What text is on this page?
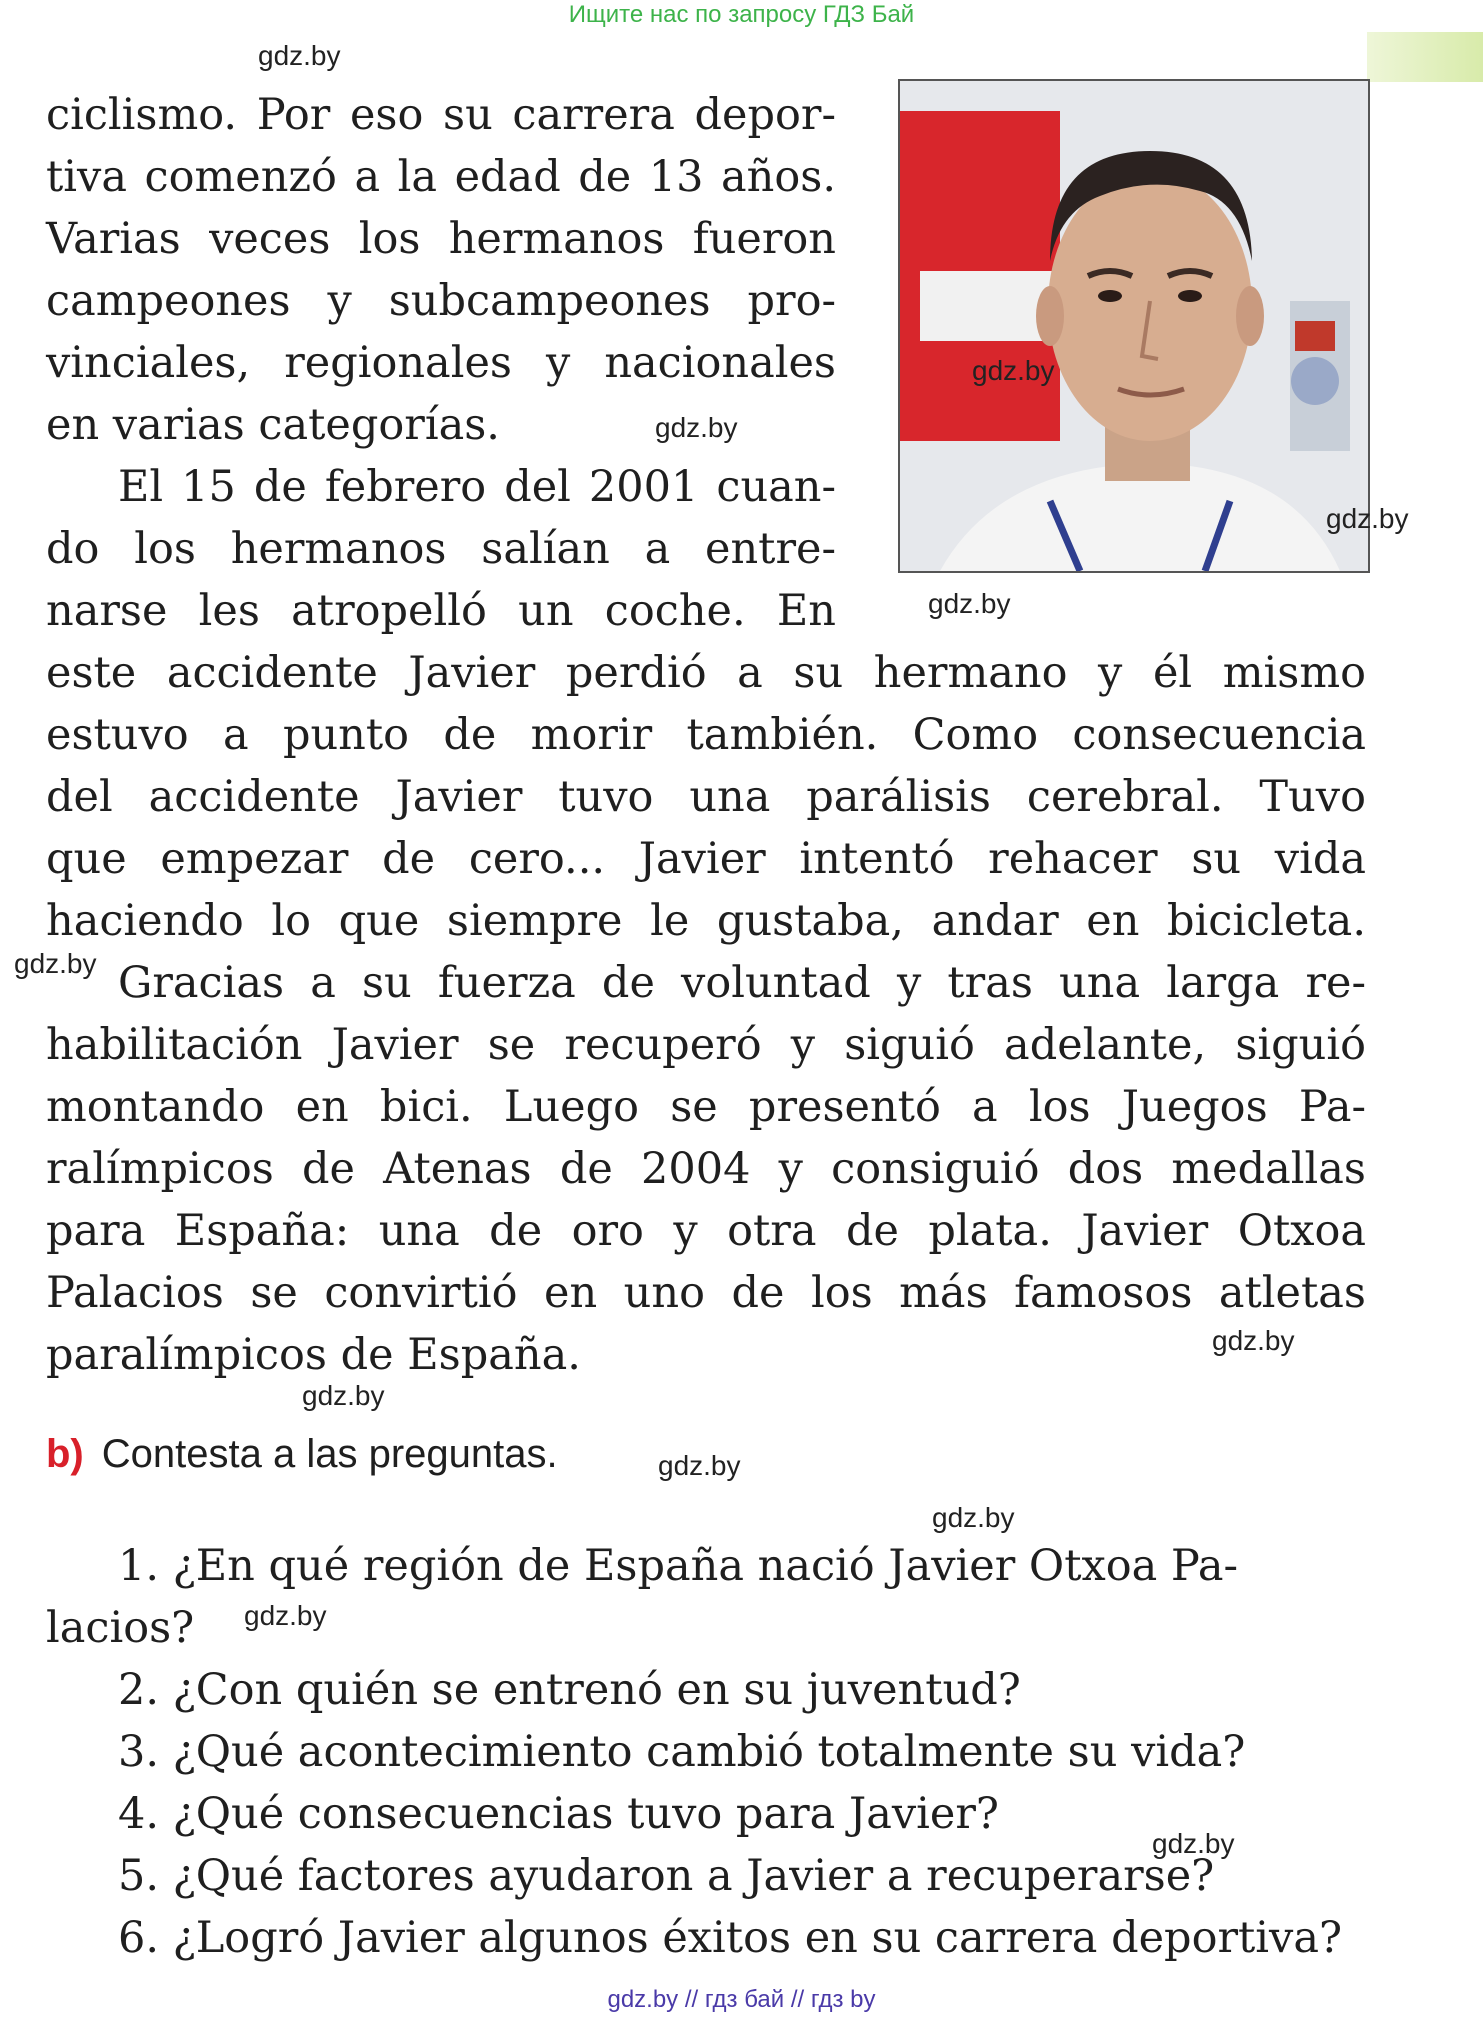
Ищите нас по запросу ГДЗ Бай
gdz.by
gdz.by
gdz.by
gdz.by
gdz.by
gdz.by
gdz.by
gdz.by
gdz.by
gdz.by
gdz.by
gdz.by
ciclismo. Por eso su carrera depor-
tiva comenzó a la edad de 13 años.
Varias veces los hermanos fueron
campeones y subcampeones pro-
vinciales, regionales y nacionales
en varias categorías.
El 15 de febrero del 2001 cuan-
do los hermanos salían a entre-
narse les atropelló un coche. En
este accidente Javier perdió a su hermano y él mismo
estuvo a punto de morir también. Como consecuencia
del accidente Javier tuvo una parálisis cerebral. Tuvo
que empezar de cero... Javier intentó rehacer su vida
haciendo lo que siempre le gustaba, andar en bicicleta.
Gracias a su fuerza de voluntad y tras una larga re-
habilitación Javier se recuperó y siguió adelante, siguió
montando en bici. Luego se presentó a los Juegos Pa-
ralímpicos de Atenas de 2004 y consiguió dos medallas
para España: una de oro y otra de plata. Javier Otxoa
Palacios se convirtió en uno de los más famosos atletas
paralímpicos de España.
b) Contesta a las preguntas.
1. ¿En qué región de España nació Javier Otxoa Pa-
lacios?
2. ¿Con quién se entrenó en su juventud?
3. ¿Qué acontecimiento cambió totalmente su vida?
4. ¿Qué consecuencias tuvo para Javier?
5. ¿Qué factores ayudaron a Javier a recuperarse?
6. ¿Logró Javier algunos éxitos en su carrera deportiva?
gdz.by // гдз бай // гдз by
